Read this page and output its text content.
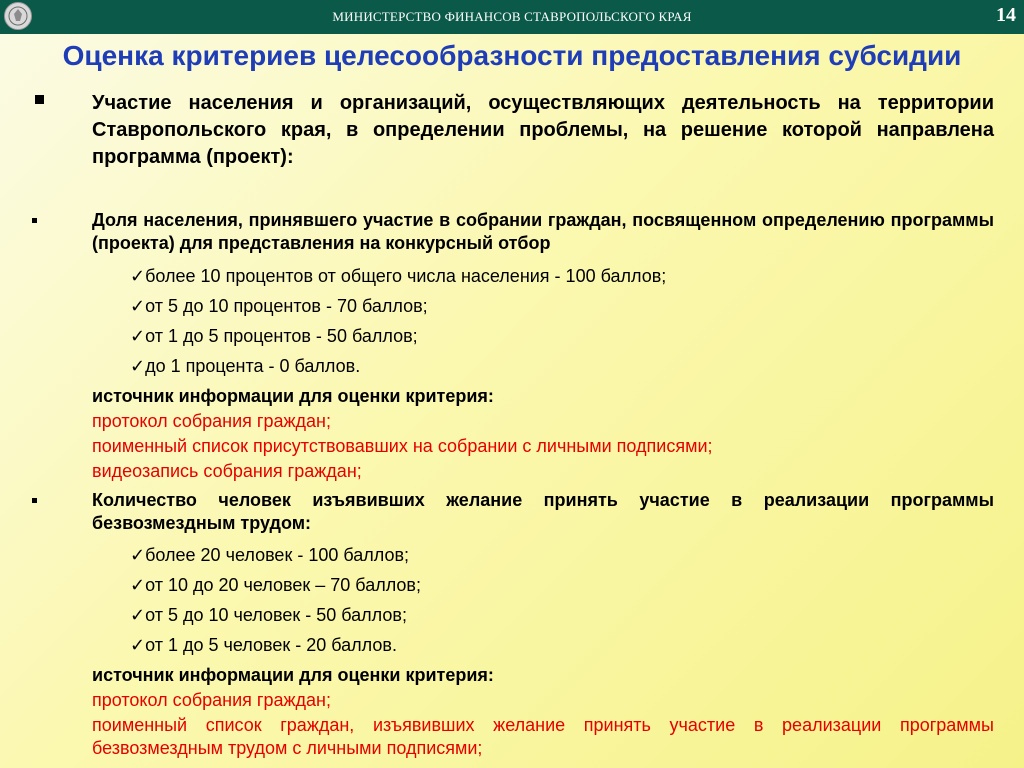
МИНИСТЕРСТВО ФИНАНСОВ СТАВРОПОЛЬСКОГО КРАЯ	14
Оценка критериев целесообразности предоставления субсидии
Участие населения и организаций, осуществляющих деятельность на территории Ставропольского края, в определении проблемы, на решение которой направлена программа (проект):
Доля населения, принявшего участие в собрании граждан, посвященном определению программы (проекта) для представления на конкурсный отбор
✓более 10 процентов от общего числа населения - 100 баллов;
✓от 5 до 10 процентов - 70 баллов;
✓от 1 до 5 процентов - 50 баллов;
✓до 1 процента - 0 баллов.
источник информации для оценки критерия:
протокол собрания граждан;
поименный список присутствовавших на собрании с личными подписями;
видеозапись собрания граждан;
Количество человек изъявивших желание принять участие в реализации программы безвозмездным трудом:
✓более 20 человек - 100 баллов;
✓от 10 до 20 человек – 70 баллов;
✓от 5 до 10 человек - 50 баллов;
✓от 1 до 5 человек - 20 баллов.
источник информации для оценки критерия:
протокол собрания граждан;
поименный список граждан, изъявивших желание принять участие в реализации программы безвозмездным трудом с личными подписями;
